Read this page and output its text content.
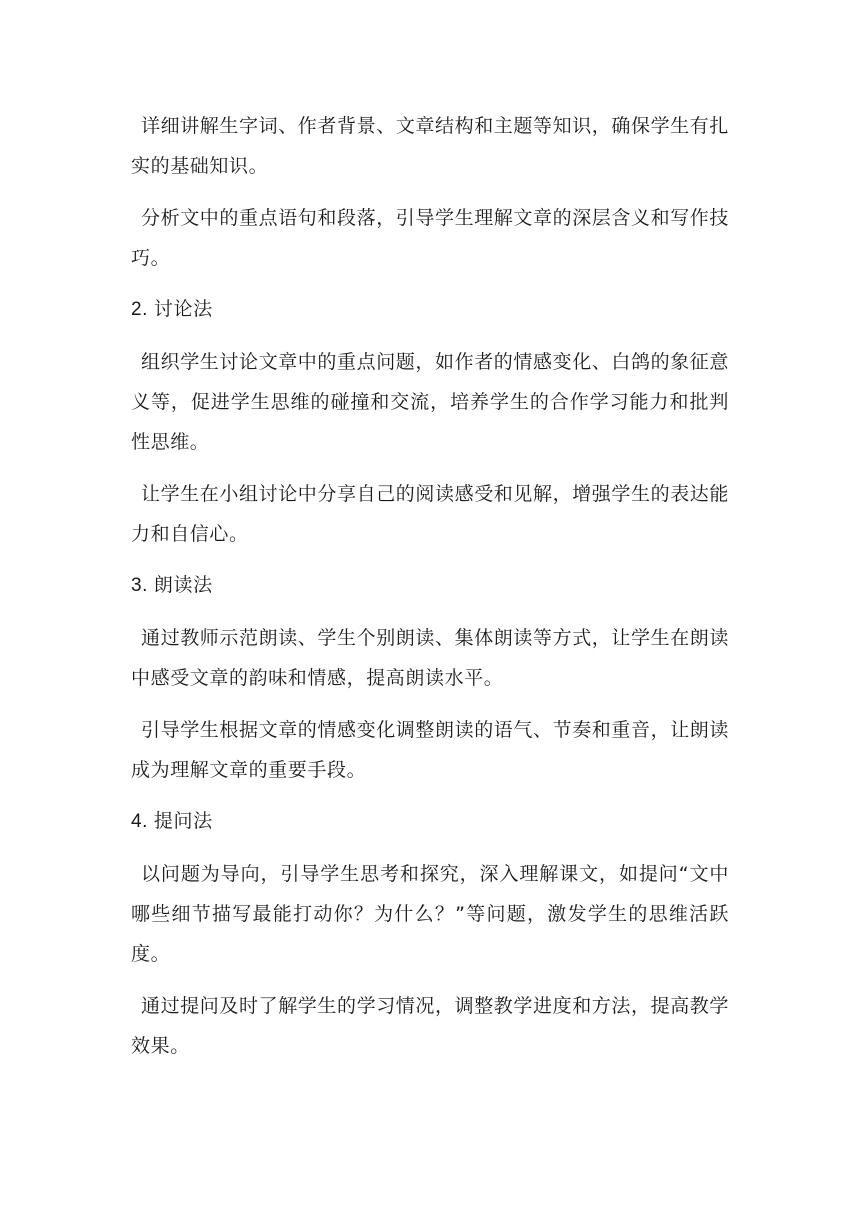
详细讲解生字词、作者背景、文章结构和主题等知识，确保学生有扎实的基础知识。

分析文中的重点语句和段落，引导学生理解文章的深层含义和写作技巧。

2. 讨论法

组织学生讨论文章中的重点问题，如作者的情感变化、白鸽的象征意义等，促进学生思维的碰撞和交流，培养学生的合作学习能力和批判性思维。

让学生在小组讨论中分享自己的阅读感受和见解，增强学生的表达能力和自信心。

3. 朗读法

通过教师示范朗读、学生个别朗读、集体朗读等方式，让学生在朗读中感受文章的韵味和情感，提高朗读水平。

引导学生根据文章的情感变化调整朗读的语气、节奏和重音，让朗读成为理解文章的重要手段。

4. 提问法

以问题为导向，引导学生思考和探究，深入理解课文，如提问“文中哪些细节描写最能打动你？为什么？”等问题，激发学生的思维活跃度。

通过提问及时了解学生的学习情况，调整教学进度和方法，提高教学效果。
